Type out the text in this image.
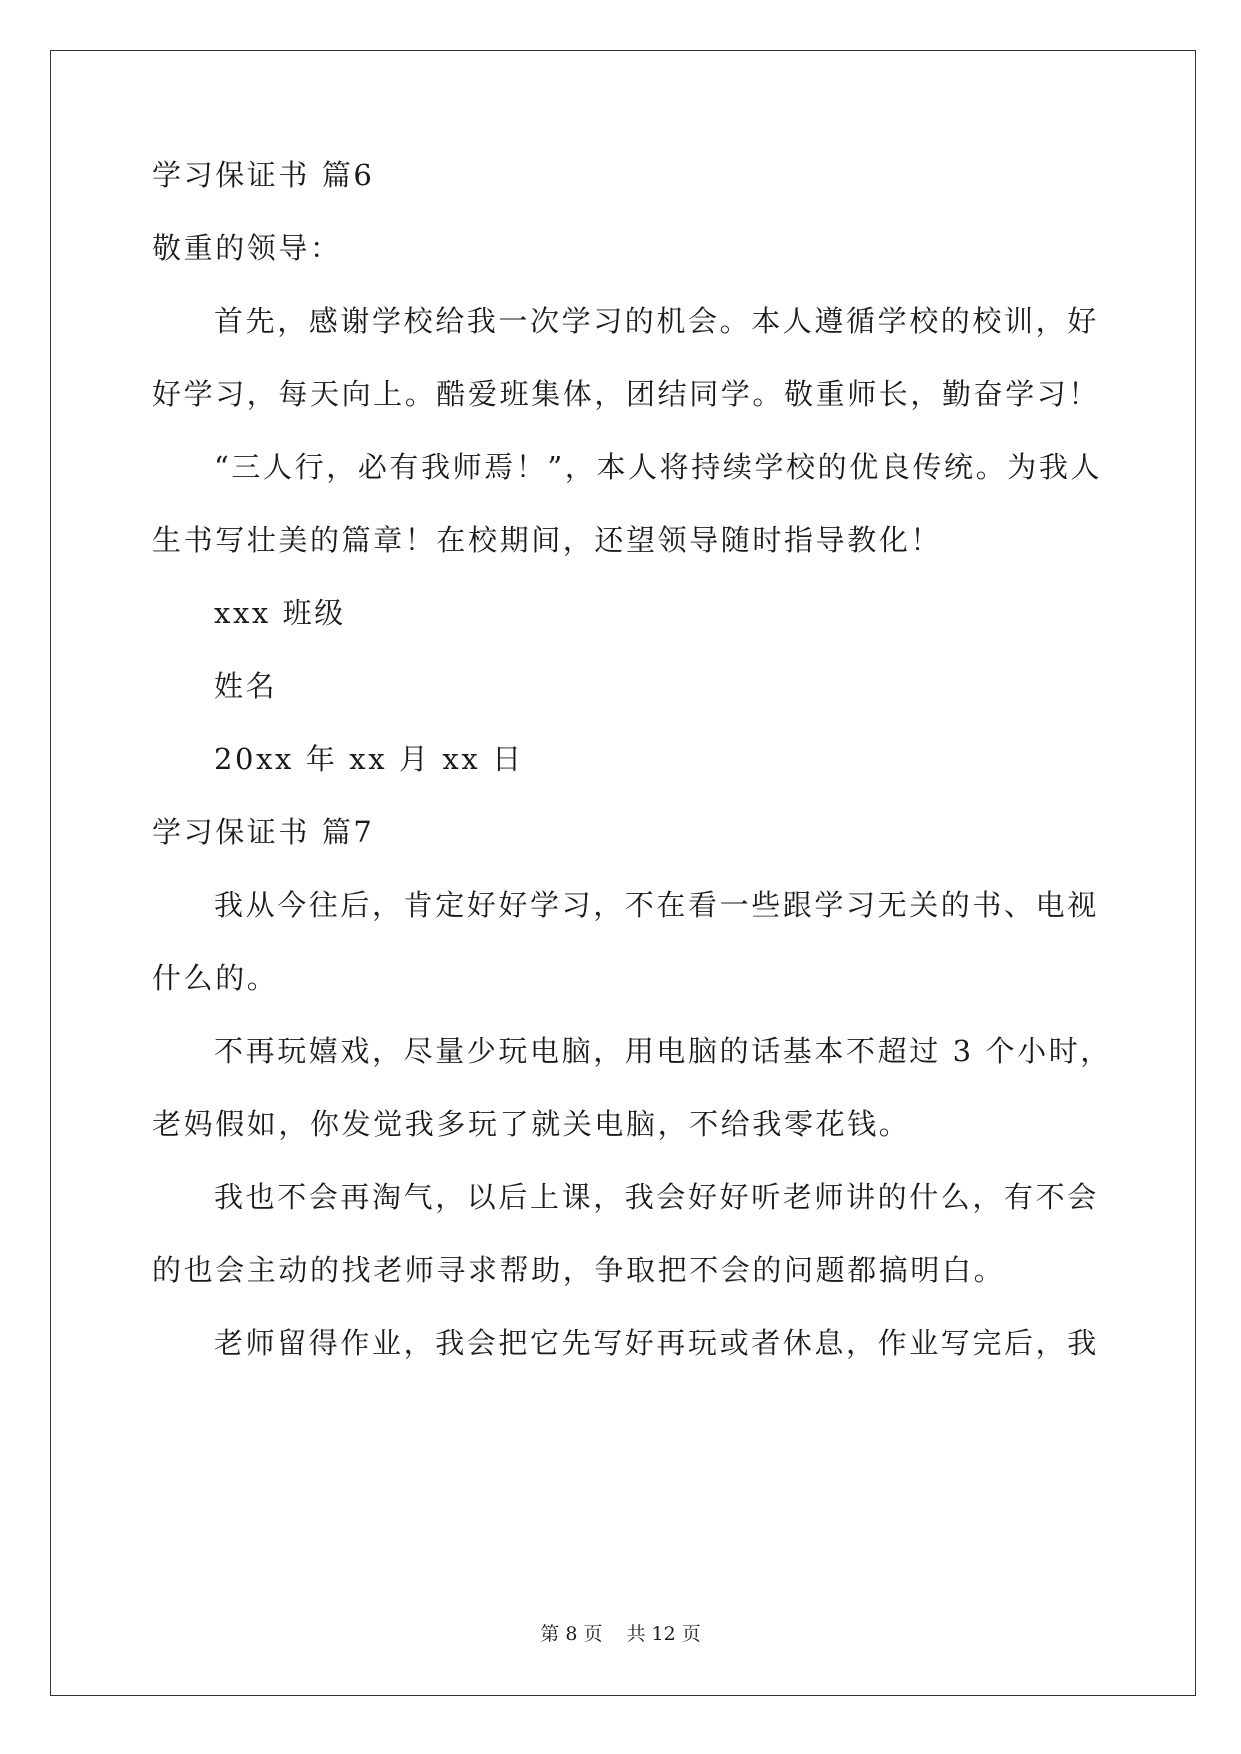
学习保证书 篇6
敬重的领导：
首先，感谢学校给我一次学习的机会。本人遵循学校的校训，好
好学习，每天向上。酷爱班集体，团结同学。敬重师长，勤奋学习！
“三人行，必有我师焉！”，本人将持续学校的优良传统。为我人
生书写壮美的篇章！在校期间，还望领导随时指导教化！
xxx 班级
姓名
20xx 年 xx 月 xx 日
学习保证书 篇7
我从今往后，肯定好好学习，不在看一些跟学习无关的书、电视
什么的。
不再玩嬉戏，尽量少玩电脑，用电脑的话基本不超过 3 个小时，
老妈假如，你发觉我多玩了就关电脑，不给我零花钱。
我也不会再淘气，以后上课，我会好好听老师讲的什么，有不会
的也会主动的找老师寻求帮助，争取把不会的问题都搞明白。
老师留得作业，我会把它先写好再玩或者休息，作业写完后，我
第 8 页 共 12 页
